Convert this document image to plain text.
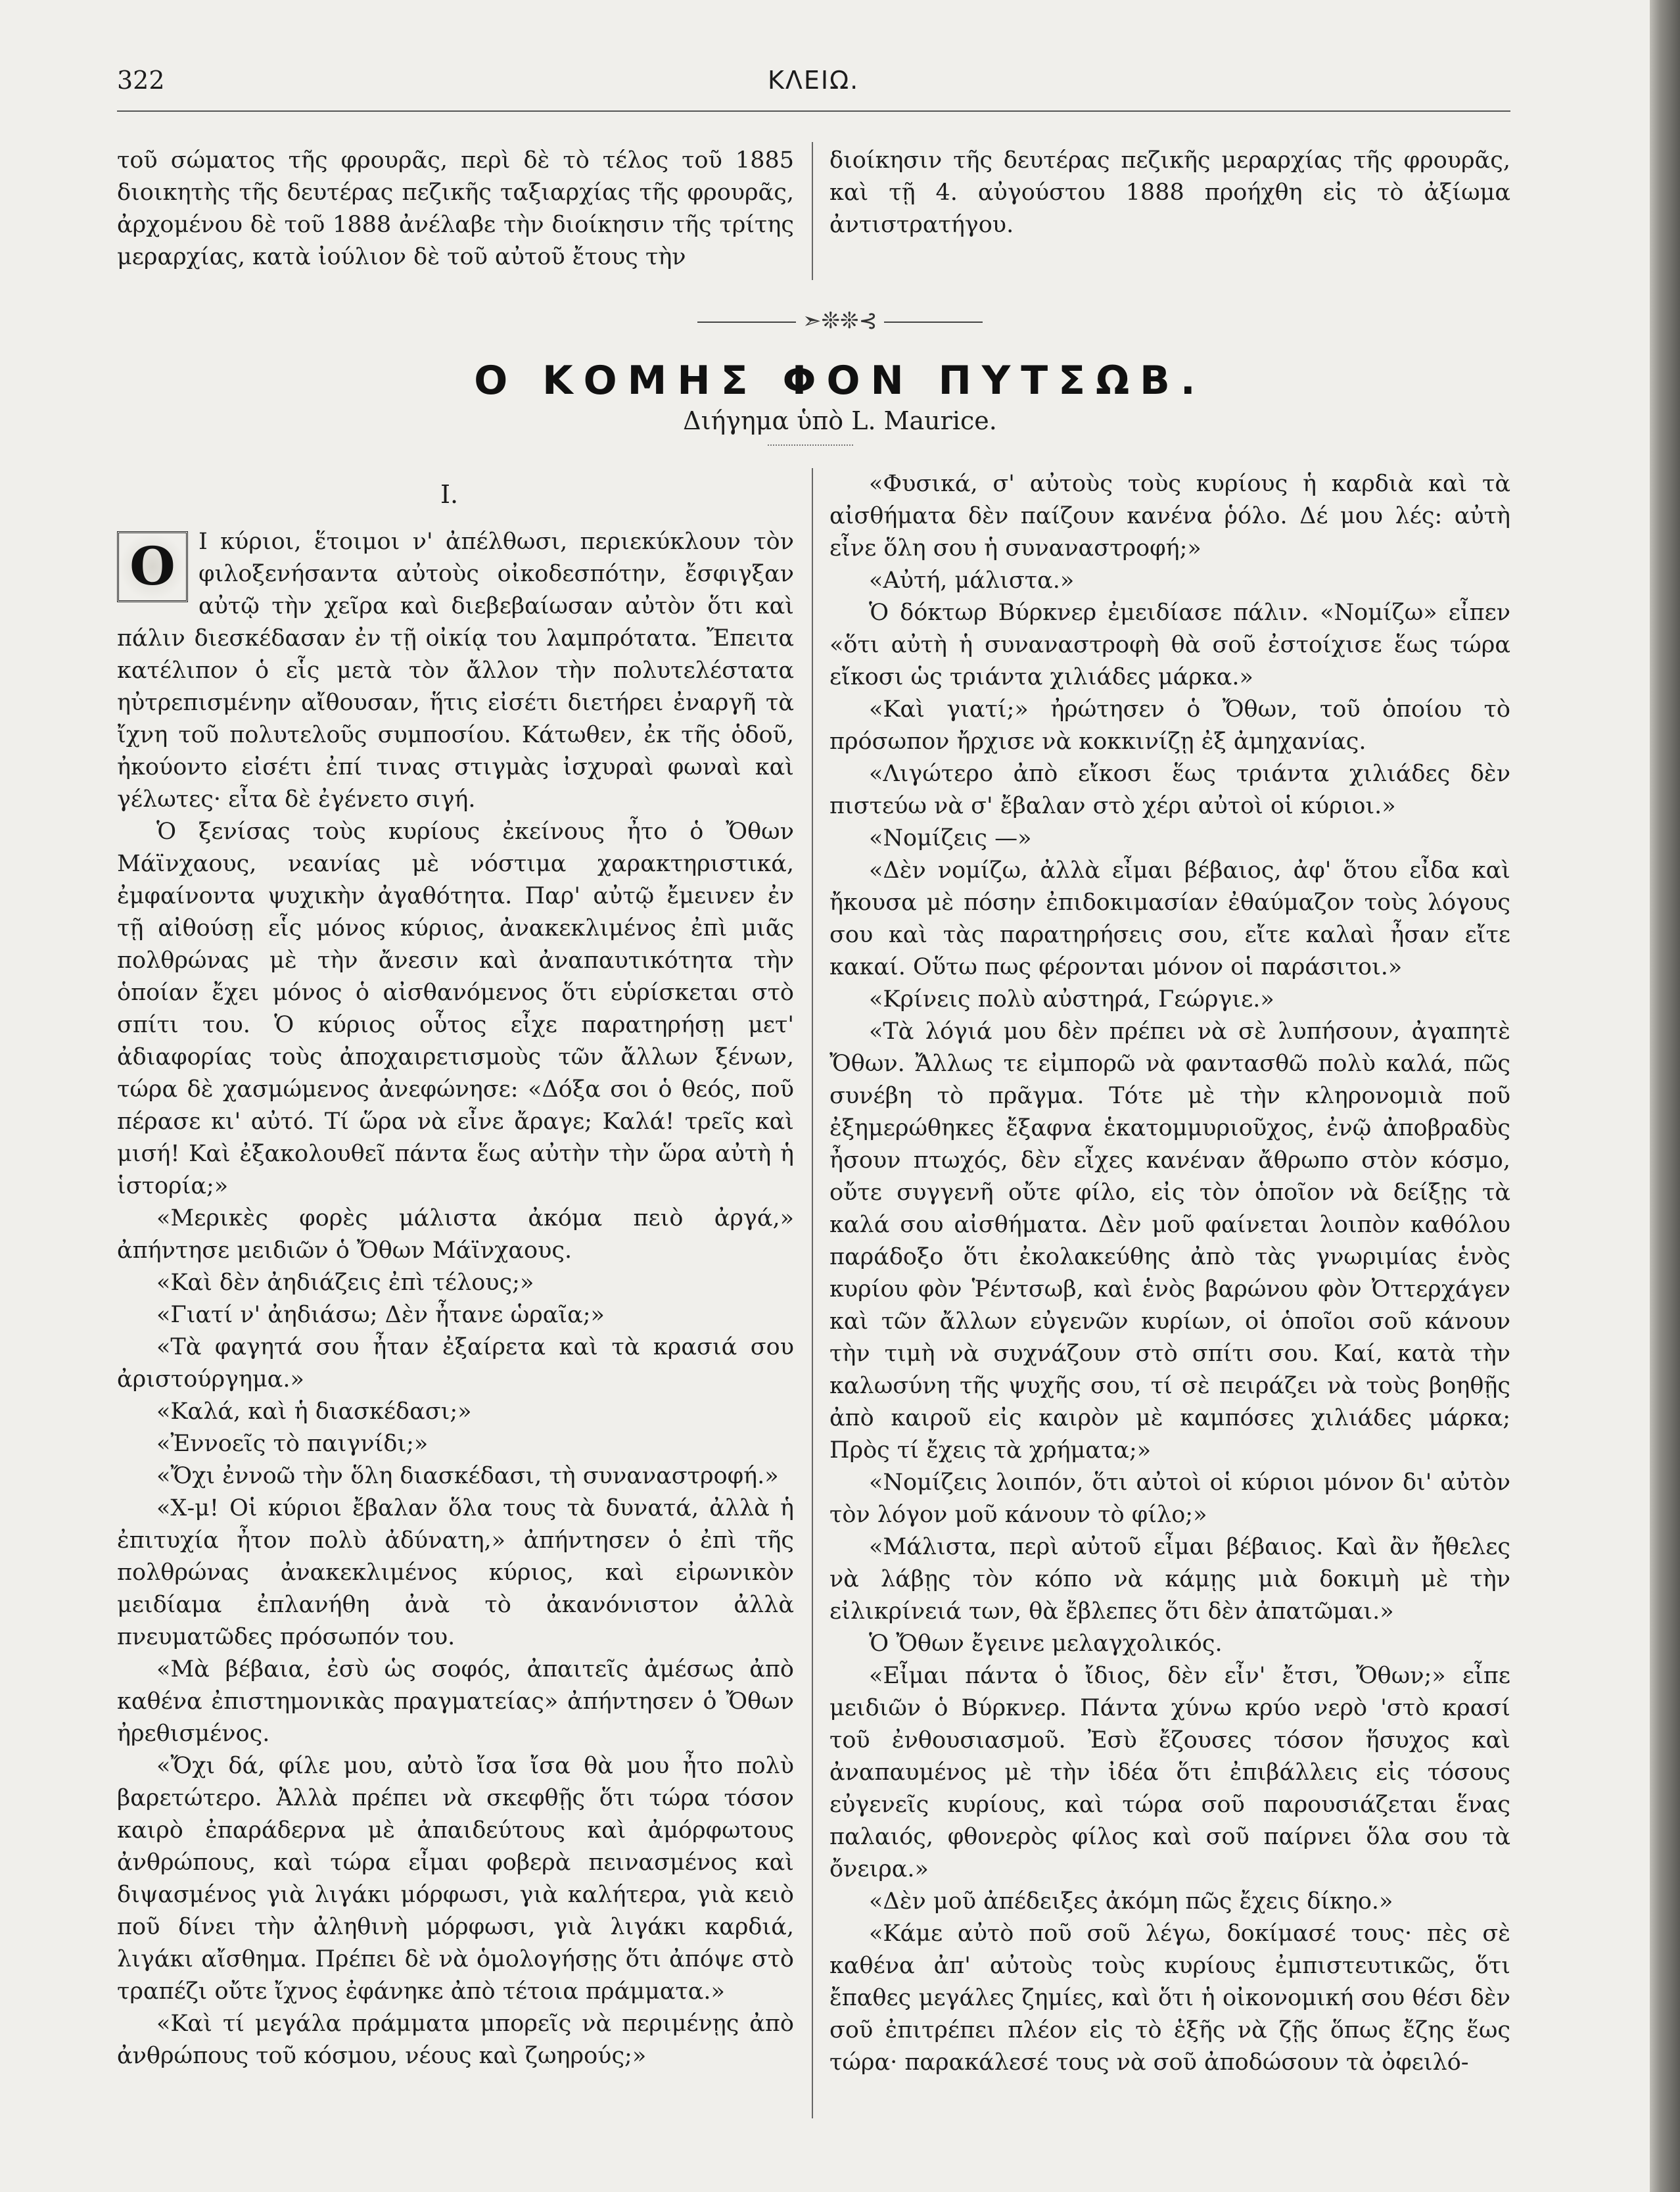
322	ΚΛΕΙΩ.

τοῦ σώματος τῆς φρουρᾶς, περὶ δὲ τὸ τέλος τοῦ 1885 διοικητὴς τῆς δευτέρας πεζικῆς ταξιαρχίας τῆς φρουρᾶς, ἀρχομένου δὲ τοῦ 1888 ἀνέλαβε τὴν διοίκησιν τῆς τρίτης μεραρχίας, κατὰ ἰούλιον δὲ τοῦ αὐτοῦ ἔτους τὴν

διοίκησιν τῆς δευτέρας πεζικῆς μεραρχίας τῆς φρουρᾶς, καὶ τῇ 4. αὐγούστου 1888 προήχθη εἰς τὸ ἀξίωμα ἀντιστρατήγου.

➣❊❊⊰
Ο ΚΟΜΗΣ ΦΟΝ ΠΥΤΣΩΒ.
Διήγημα ὑπὸ L. Maurice.
I.

Ο	Ι κύριοι, ἕτοιμοι ν' ἀπέλθωσι, περιεκύκλουν τὸν φιλοξενήσαντα αὐτοὺς οἰκοδεσπότην, ἔσφιγξαν αὐτῷ τὴν χεῖρα καὶ διεβεβαίωσαν αὐτὸν ὅτι καὶ πάλιν διεσκέδασαν ἐν τῇ οἰκίᾳ του λαμπρότατα. Ἔπειτα κατέλιπον ὁ εἷς μετὰ τὸν ἄλλον τὴν πολυτελέστατα ηὐτρεπισμένην αἴθουσαν, ἥτις εἰσέτι διετήρει ἐναργῆ τὰ ἴχνη τοῦ πολυτελοῦς συμποσίου. Κάτωθεν, ἐκ τῆς ὁδοῦ, ἠκούοντο εἰσέτι ἐπί τινας στιγμὰς ἰσχυραὶ φωναὶ καὶ γέλωτες· εἶτα δὲ ἐγένετο σιγή.

Ὁ ξενίσας τοὺς κυρίους ἐκείνους ἦτο ὁ Ὄθων Μάϊνχαους, νεανίας μὲ νόστιμα χαρακτηριστικά, ἐμφαίνοντα ψυχικὴν ἀγαθότητα. Παρ' αὐτῷ ἔμεινεν ἐν τῇ αἰθούσῃ εἷς μόνος κύριος, ἀνακεκλιμένος ἐπὶ μιᾶς πολθρώνας μὲ τὴν ἄνεσιν καὶ ἀναπαυτικότητα τὴν ὁποίαν ἔχει μόνος ὁ αἰσθανόμενος ὅτι εὑρίσκεται στὸ σπίτι του. Ὁ κύριος οὗτος εἶχε παρατηρήσῃ μετ' ἀδιαφορίας τοὺς ἀποχαιρετισμοὺς τῶν ἄλλων ξένων, τώρα δὲ χασμώμενος ἀνεφώνησε: «Δόξα σοι ὁ θεός, ποῦ πέρασε κι' αὐτό. Τί ὥρα νὰ εἶνε ἄραγε; Καλά! τρεῖς καὶ μισή! Καὶ ἐξακολουθεῖ πάντα ἕως αὐτὴν τὴν ὥρα αὐτὴ ἡ ἱστορία;»

«Μερικὲς φορὲς μάλιστα ἀκόμα πειὸ ἀργά,» ἀπήντησε μειδιῶν ὁ Ὄθων Μάϊνχαους.

«Καὶ δὲν ἀηδιάζεις ἐπὶ τέλους;»

«Γιατί ν' ἀηδιάσω; Δὲν ἦτανε ὡραῖα;»

«Τὰ φαγητά σου ἦταν ἐξαίρετα καὶ τὰ κρασιά σου ἀριστούργημα.»

«Καλά, καὶ ἡ διασκέδασι;»

«Ἐννοεῖς τὸ παιγνίδι;»

«Ὄχι ἐννοῶ τὴν ὅλη διασκέδασι, τὴ συναναστροφή.»

«Χ-μ! Οἱ κύριοι ἔβαλαν ὅλα τους τὰ δυνατά, ἀλλὰ ἡ ἐπιτυχία ἦτον πολὺ ἀδύνατη,» ἀπήντησεν ὁ ἐπὶ τῆς πολθρώνας ἀνακεκλιμένος κύριος, καὶ εἰρωνικὸν μειδίαμα ἐπλανήθη ἀνὰ τὸ ἀκανόνιστον ἀλλὰ πνευματῶδες πρόσωπόν του.

«Μὰ βέβαια, ἐσὺ ὡς σοφός, ἀπαιτεῖς ἀμέσως ἀπὸ καθένα ἐπιστημονικὰς πραγματείας» ἀπήντησεν ὁ Ὄθων ἠρεθισμένος.

«Ὄχι δά, φίλε μου, αὐτὸ ἴσα ἴσα θὰ μου ἦτο πολὺ βαρετώτερο. Ἀλλὰ πρέπει νὰ σκεφθῇς ὅτι τώρα τόσον καιρὸ ἐπαράδερνα μὲ ἀπαιδεύτους καὶ ἀμόρφωτους ἀνθρώπους, καὶ τώρα εἶμαι φοβερὰ πεινασμένος καὶ διψασμένος γιὰ λιγάκι μόρφωσι, γιὰ καλήτερα, γιὰ κειὸ ποῦ δίνει τὴν ἀληθινὴ μόρφωσι, γιὰ λιγάκι καρδιά, λιγάκι αἴσθημα. Πρέπει δὲ νὰ ὁμολογήσῃς ὅτι ἀπόψε στὸ τραπέζι οὔτε ἴχνος ἐφάνηκε ἀπὸ τέτοια πράμματα.»

«Καὶ τί μεγάλα πράμματα μπορεῖς νὰ περιμένῃς ἀπὸ ἀνθρώπους τοῦ κόσμου, νέους καὶ ζωηρούς;»

«Φυσικά, σ' αὐτοὺς τοὺς κυρίους ἡ καρδιὰ καὶ τὰ αἰσθήματα δὲν παίζουν κανένα ῥόλο. Δέ μου λές: αὐτὴ εἶνε ὅλη σου ἡ συναναστροφή;»

«Αὐτή, μάλιστα.»

Ὁ δόκτωρ Βύρκνερ ἐμειδίασε πάλιν. «Νομίζω» εἶπεν «ὅτι αὐτὴ ἡ συναναστροφὴ θὰ σοῦ ἐστοίχισε ἕως τώρα εἴκοσι ὡς τριάντα χιλιάδες μάρκα.»

«Καὶ γιατί;» ἠρώτησεν ὁ Ὄθων, τοῦ ὁποίου τὸ πρόσωπον ἤρχισε νὰ κοκκινίζῃ ἐξ ἀμηχανίας.

«Λιγώτερο ἀπὸ εἴκοσι ἕως τριάντα χιλιάδες δὲν πιστεύω νὰ σ' ἔβαλαν στὸ χέρι αὐτοὶ οἱ κύριοι.»

«Νομίζεις —»

«Δὲν νομίζω, ἀλλὰ εἶμαι βέβαιος, ἀφ' ὅτου εἶδα καὶ ἤκουσα μὲ πόσην ἐπιδοκιμασίαν ἐθαύμαζον τοὺς λόγους σου καὶ τὰς παρατηρήσεις σου, εἴτε καλαὶ ἦσαν εἴτε κακαί. Οὕτω πως φέρονται μόνον οἱ παράσιτοι.»

«Κρίνεις πολὺ αὐστηρά, Γεώργιε.»

«Τὰ λόγιά μου δὲν πρέπει νὰ σὲ λυπήσουν, ἀγαπητὲ Ὄθων. Ἄλλως τε εἰμπορῶ νὰ φαντασθῶ πολὺ καλά, πῶς συνέβη τὸ πρᾶγμα. Τότε μὲ τὴν κληρονομιὰ ποῦ ἐξημερώθηκες ἔξαφνα ἑκατομμυριοῦχος, ἐνῷ ἀποβραδὺς ἦσουν πτωχός, δὲν εἶχες κανέναν ἄθρωπο στὸν κόσμο, οὔτε συγγενῆ οὔτε φίλο, εἰς τὸν ὁποῖον νὰ δείξῃς τὰ καλά σου αἰσθήματα. Δὲν μοῦ φαίνεται λοιπὸν καθόλου παράδοξο ὅτι ἐκολακεύθης ἀπὸ τὰς γνωριμίας ἑνὸς κυρίου φὸν Ῥέντσωβ, καὶ ἑνὸς βαρώνου φὸν Ὀττερχάγεν καὶ τῶν ἄλλων εὐγενῶν κυρίων, οἱ ὁποῖοι σοῦ κάνουν τὴν τιμὴ νὰ συχνάζουν στὸ σπίτι σου. Καί, κατὰ τὴν καλωσύνη τῆς ψυχῆς σου, τί σὲ πειράζει νὰ τοὺς βοηθῇς ἀπὸ καιροῦ εἰς καιρὸν μὲ καμπόσες χιλιάδες μάρκα; Πρὸς τί ἔχεις τὰ χρήματα;»

«Νομίζεις λοιπόν, ὅτι αὐτοὶ οἱ κύριοι μόνον δι' αὐτὸν τὸν λόγον μοῦ κάνουν τὸ φίλο;»

«Μάλιστα, περὶ αὐτοῦ εἶμαι βέβαιος. Καὶ ἂν ἤθελες νὰ λάβῃς τὸν κόπο νὰ κάμῃς μιὰ δοκιμὴ μὲ τὴν εἰλικρίνειά των, θὰ ἔβλεπες ὅτι δὲν ἀπατῶμαι.»

Ὁ Ὄθων ἔγεινε μελαγχολικός.

«Εἶμαι πάντα ὁ ἴδιος, δὲν εἶν' ἔτσι, Ὄθων;» εἶπε μειδιῶν ὁ Βύρκνερ. Πάντα χύνω κρύο νερὸ 'στὸ κρασί τοῦ ἐνθουσιασμοῦ. Ἐσὺ ἔζουσες τόσον ἥσυχος καὶ ἀναπαυμένος μὲ τὴν ἰδέα ὅτι ἐπιβάλλεις εἰς τόσους εὐγενεῖς κυρίους, καὶ τώρα σοῦ παρουσιάζεται ἕνας παλαιός, φθονερὸς φίλος καὶ σοῦ παίρνει ὅλα σου τὰ ὄνειρα.»

«Δὲν μοῦ ἀπέδειξες ἀκόμη πῶς ἔχεις δίκηο.»

«Κάμε αὐτὸ ποῦ σοῦ λέγω, δοκίμασέ τους· πὲς σὲ καθένα ἀπ' αὐτοὺς τοὺς κυρίους ἐμπιστευτικῶς, ὅτι ἔπαθες μεγάλες ζημίες, καὶ ὅτι ἡ οἰκονομική σου θέσι δὲν σοῦ ἐπιτρέπει πλέον εἰς τὸ ἑξῆς νὰ ζῇς ὅπως ἔζης ἕως τώρα· παρακάλεσέ τους νὰ σοῦ ἀποδώσουν τὰ ὀφειλό-
